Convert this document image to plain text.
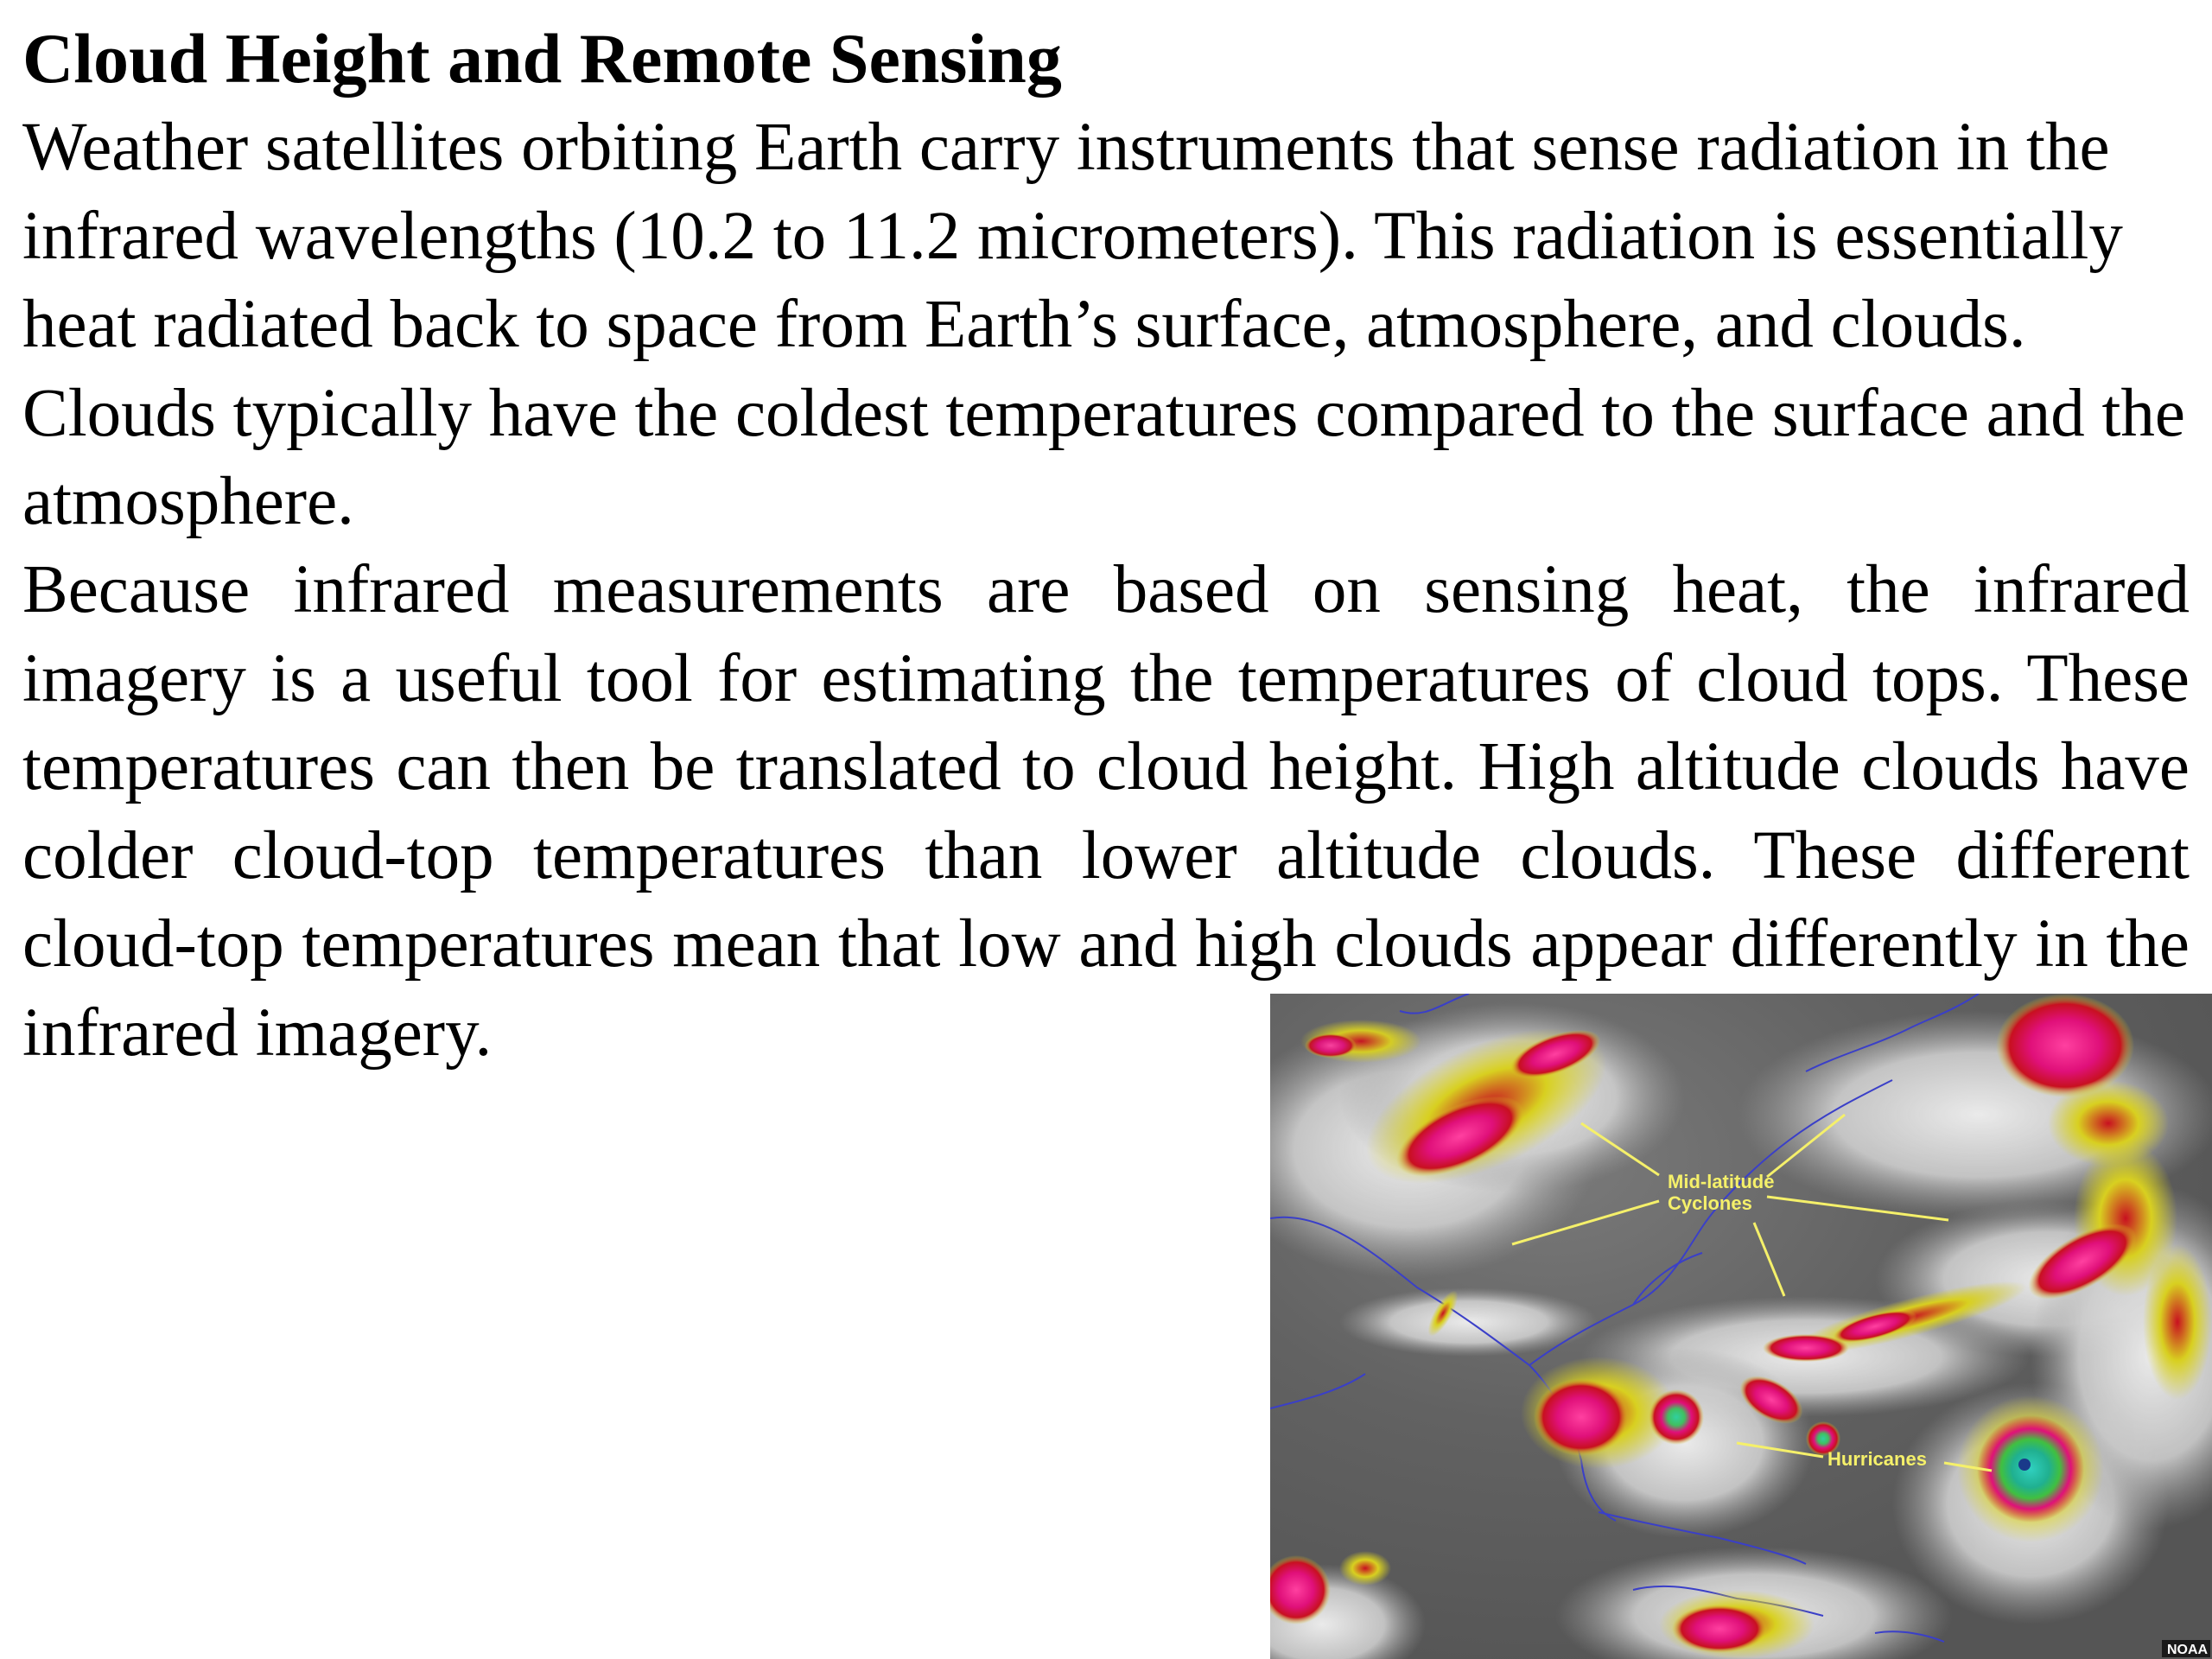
Cloud Height and Remote Sensing

Weather satellites orbiting Earth carry instruments that sense radiation in the infrared wavelengths (10.2 to 11.2 micrometers). This radiation is essentially heat radiated back to space from Earth’s surface, atmosphere, and clouds. Clouds typically have the coldest temperatures compared to the surface and the atmosphere.

Because infrared measurements are based on sensing heat, the infrared imagery is a useful tool for estimating the temperatures of cloud tops. These temperatures can then be translated to cloud height. High altitude clouds have colder cloud-top temperatures than lower altitude clouds. These different cloud-top temperatures mean that low and high clouds appear differently in the infrared imagery.

Mid-latitude
Cyclones
Hurricanes
NOAA
